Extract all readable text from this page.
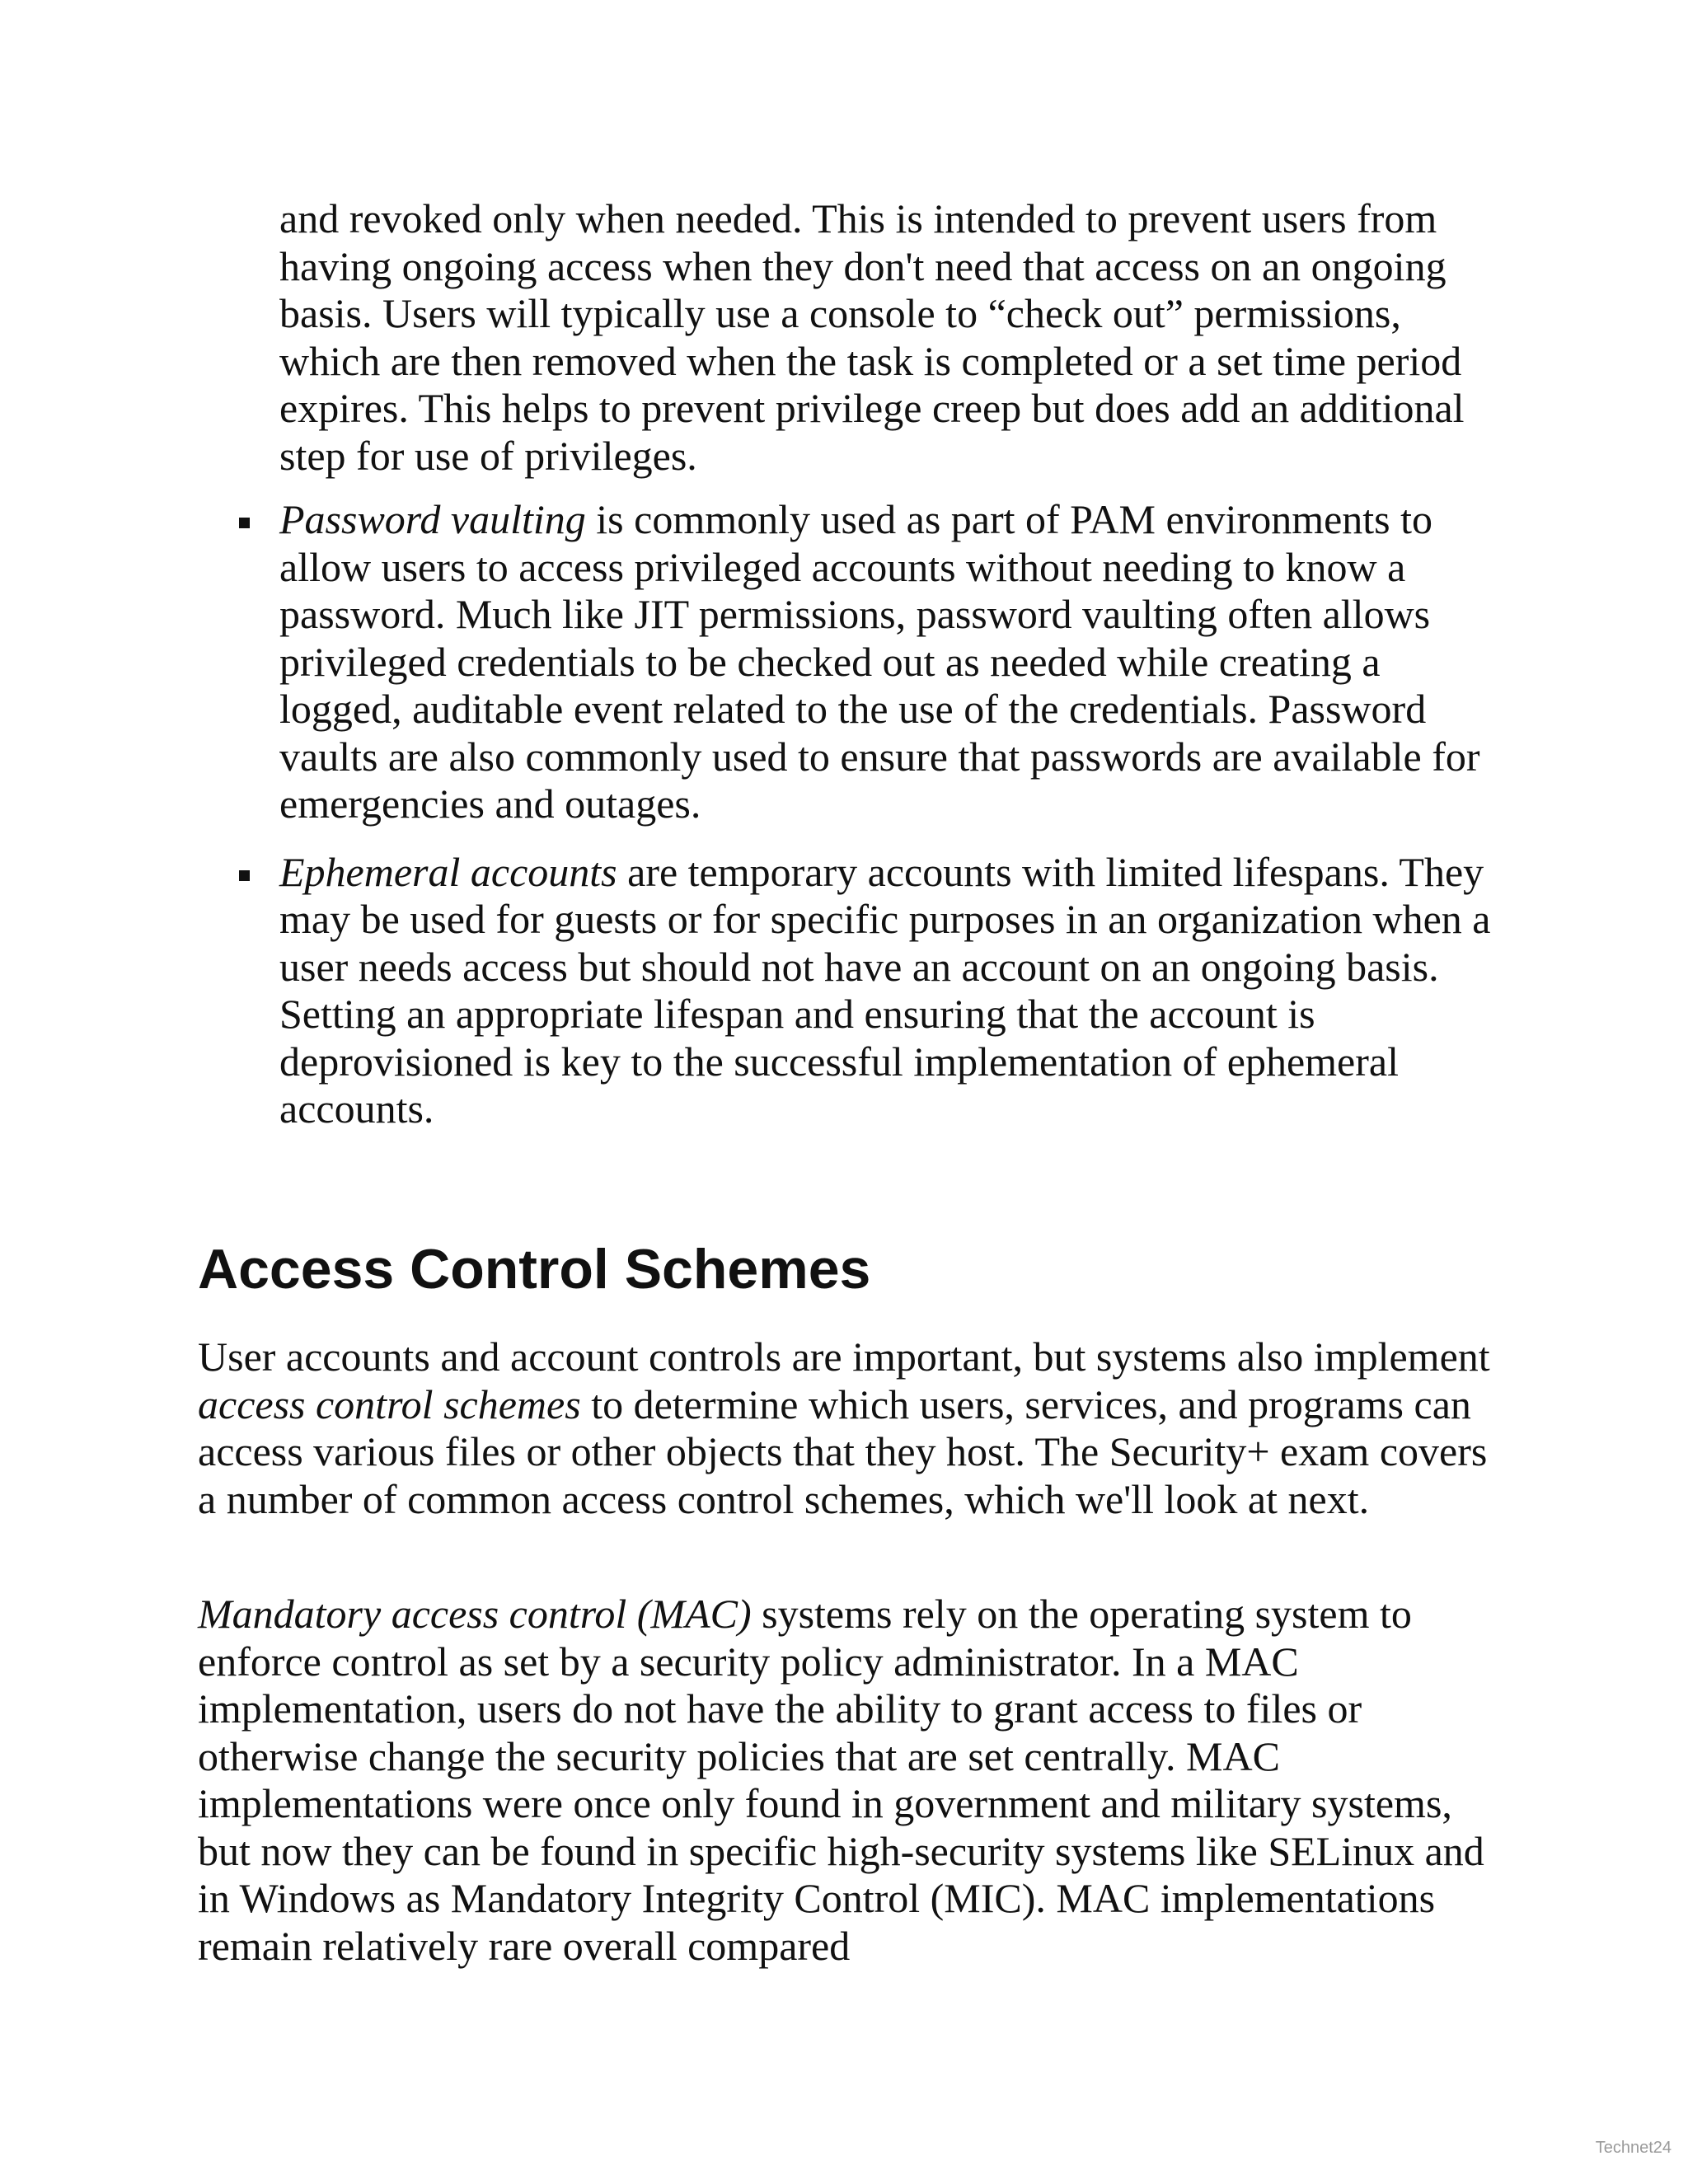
and revoked only when needed. This is intended to prevent users from having ongoing access when they don't need that access on an ongoing basis. Users will typically use a console to “check out” permissions, which are then removed when the task is completed or a set time period expires. This helps to prevent privilege creep but does add an additional step for use of privileges.

Password vaulting is commonly used as part of PAM environments to allow users to access privileged accounts without needing to know a password. Much like JIT permissions, password vaulting often allows privileged credentials to be checked out as needed while creating a logged, auditable event related to the use of the credentials. Password vaults are also commonly used to ensure that passwords are available for emergencies and outages.
Ephemeral accounts are temporary accounts with limited lifespans. They may be used for guests or for specific purposes in an organization when a user needs access but should not have an account on an ongoing basis. Setting an appropriate lifespan and ensuring that the account is deprovisioned is key to the successful implementation of ephemeral accounts.
Access Control Schemes

User accounts and account controls are important, but systems also implement access control schemes to determine which users, services, and programs can access various files or other objects that they host. The Security+ exam covers a number of common access control schemes, which we'll look at next.

Mandatory access control (MAC) systems rely on the operating system to enforce control as set by a security policy administrator. In a MAC implementation, users do not have the ability to grant access to files or otherwise change the security policies that are set centrally. MAC implementations were once only found in government and military systems, but now they can be found in specific high-security systems like SELinux and in Windows as Mandatory Integrity Control (MIC). MAC implementations remain relatively rare overall compared

Technet24
